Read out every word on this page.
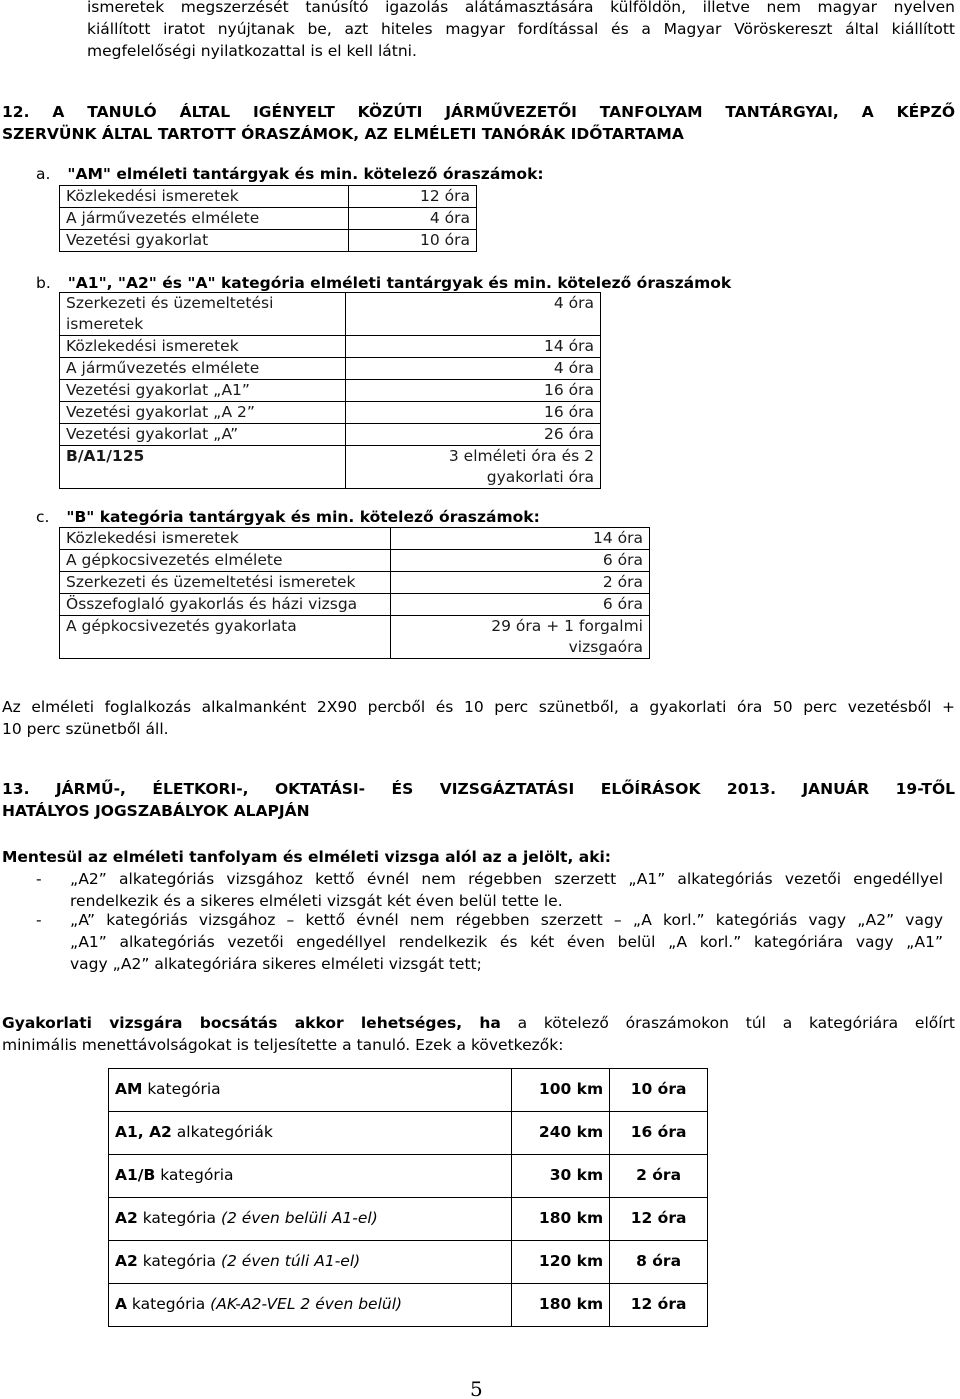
ismeretek megszerzését tanúsító igazolás alátámasztására külföldön, illetve nem magyar nyelven
kiállított iratot nyújtanak be, azt hiteles magyar fordítással és a Magyar Vöröskereszt által kiállított
megfelelőségi nyilatkozattal is el kell látni.
12. A TANULÓ ÁLTAL IGÉNYELT KÖZÚTI JÁRMŰVEZETŐI TANFOLYAM TANTÁRGYAI, A KÉPZŐ
SZERVÜNK ÁLTAL TARTOTT ÓRASZÁMOK, AZ ELMÉLETI TANÓRÁK IDŐTARTAMA
a. "AM" elméleti tantárgyak és min. kötelező óraszámok:
Közlekedési ismeretek	12 óra
A járművezetés elmélete	4 óra
Vezetési gyakorlat	10 óra
b. "A1", "A2" és "A" kategória elméleti tantárgyak és min. kötelező óraszámok
Szerkezeti és üzemeltetési
ismeretek	4 óra
Közlekedési ismeretek	14 óra
A járművezetés elmélete	4 óra
Vezetési gyakorlat „A1”	16 óra
Vezetési gyakorlat „A 2”	16 óra
Vezetési gyakorlat „A”	26 óra
B/A1/125	3 elméleti óra és 2
gyakorlati óra
c. "B" kategória tantárgyak és min. kötelező óraszámok:
Közlekedési ismeretek	14 óra
A gépkocsivezetés elmélete	6 óra
Szerkezeti és üzemeltetési ismeretek	2 óra
Összefoglaló gyakorlás és házi vizsga	6 óra
A gépkocsivezetés gyakorlata	29 óra + 1 forgalmi
vizsgaóra
Az elméleti foglalkozás alkalmanként 2X90 percből és 10 perc szünetből, a gyakorlati óra 50 perc vezetésből +
10 perc szünetből áll.
13. JÁRMŰ-, ÉLETKORI-, OKTATÁSI- ÉS VIZSGÁZTATÁSI ELŐÍRÁSOK 2013. JANUÁR 19-TŐL
HATÁLYOS JOGSZABÁLYOK ALAPJÁN
Mentesül az elméleti tanfolyam és elméleti vizsga alól az a jelölt, aki:
- „A2” alkategóriás vizsgához kettő évnél nem régebben szerzett „A1” alkategóriás vezetői engedéllyel
rendelkezik és a sikeres elméleti vizsgát két éven belül tette le.
- „A” kategóriás vizsgához – kettő évnél nem régebben szerzett – „A korl.” kategóriás vagy „A2” vagy
„A1” alkategóriás vezetői engedéllyel rendelkezik és két éven belül „A korl.” kategóriára vagy „A1”
vagy „A2” alkategóriára sikeres elméleti vizsgát tett;
Gyakorlati vizsgára bocsátás akkor lehetséges, ha a kötelező óraszámokon túl a kategóriára előírt
minimális menettávolságokat is teljesítette a tanuló. Ezek a következők:
AM kategória	100 km	10 óra
A1, A2 alkategóriák	240 km	16 óra
A1/B kategória	30 km	2 óra
A2 kategória (2 éven belüli A1-el)	180 km	12 óra
A2 kategória (2 éven túli A1-el)	120 km	8 óra
A kategória (AK-A2-VEL 2 éven belül)	180 km	12 óra
5
